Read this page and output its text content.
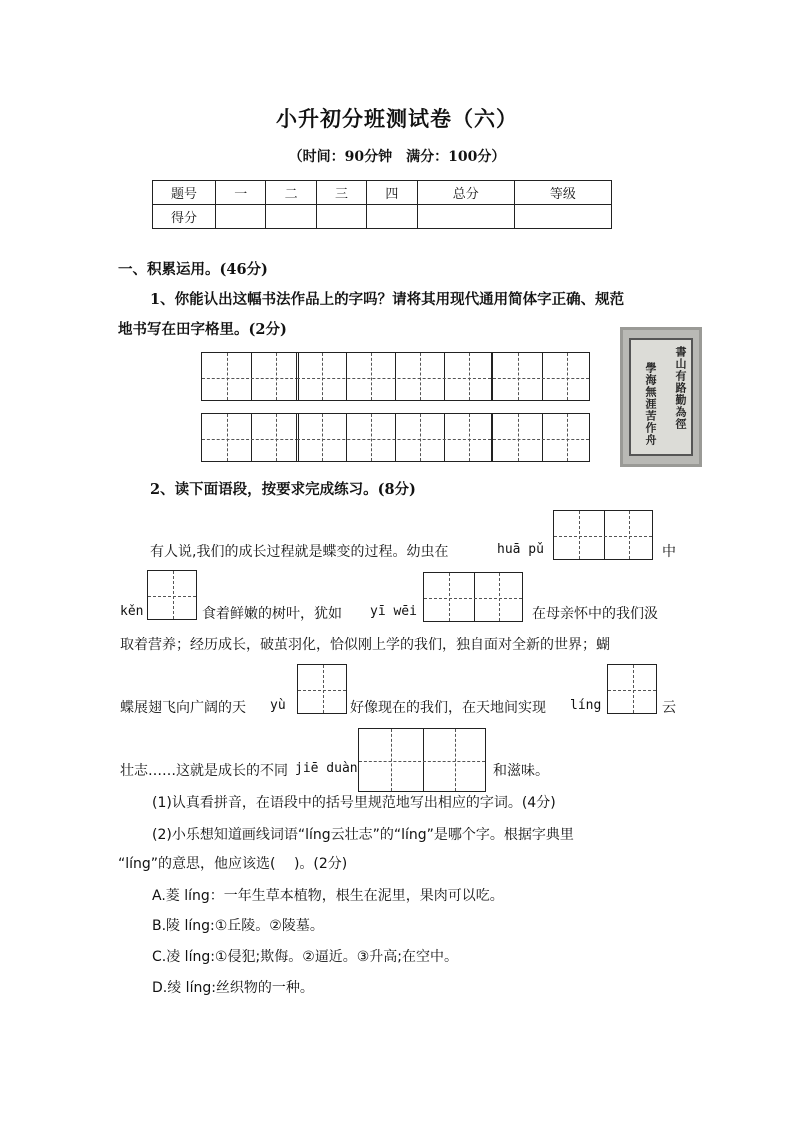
小升初分班测试卷（六）
（时间：90分钟　满分：100分）
题号	一	二	三	四	总分	等级
得分						
一、积累运用。(46分)
1、你能认出这幅书法作品上的字吗？请将其用现代通用简体字正确、规范
地书写在田字格里。(2分)
書山有路勤為徑
學海無涯苦作舟
2、读下面语段，按要求完成练习。(8分)
有人说,我们的成长过程就是蝶变的过程。幼虫在	huā pǔ	中
kěn	食着鲜嫩的树叶，犹如 yī wēi	在母亲怀中的我们汲
取着营养；经历成长，破茧羽化，恰似刚上学的我们，独自面对全新的世界；蝴
蝶展翅飞向广阔的天 yù	好像现在的我们，在天地间实现 líng	云
壮志……这就是成长的不同 jiē duàn	和滋味。
(1)认真看拼音，在语段中的括号里规范地写出相应的字词。(4分)
(2)小乐想知道画线词语“líng云壮志”的“líng”是哪个字。根据字典里
“líng”的意思，他应该选(　 )。(2分)
A.菱 líng：一年生草本植物，根生在泥里，果肉可以吃。
B.陵 líng:①丘陵。②陵墓。
C.凌 líng:①侵犯;欺侮。②逼近。③升高;在空中。
D.绫 líng:丝织物的一种。
